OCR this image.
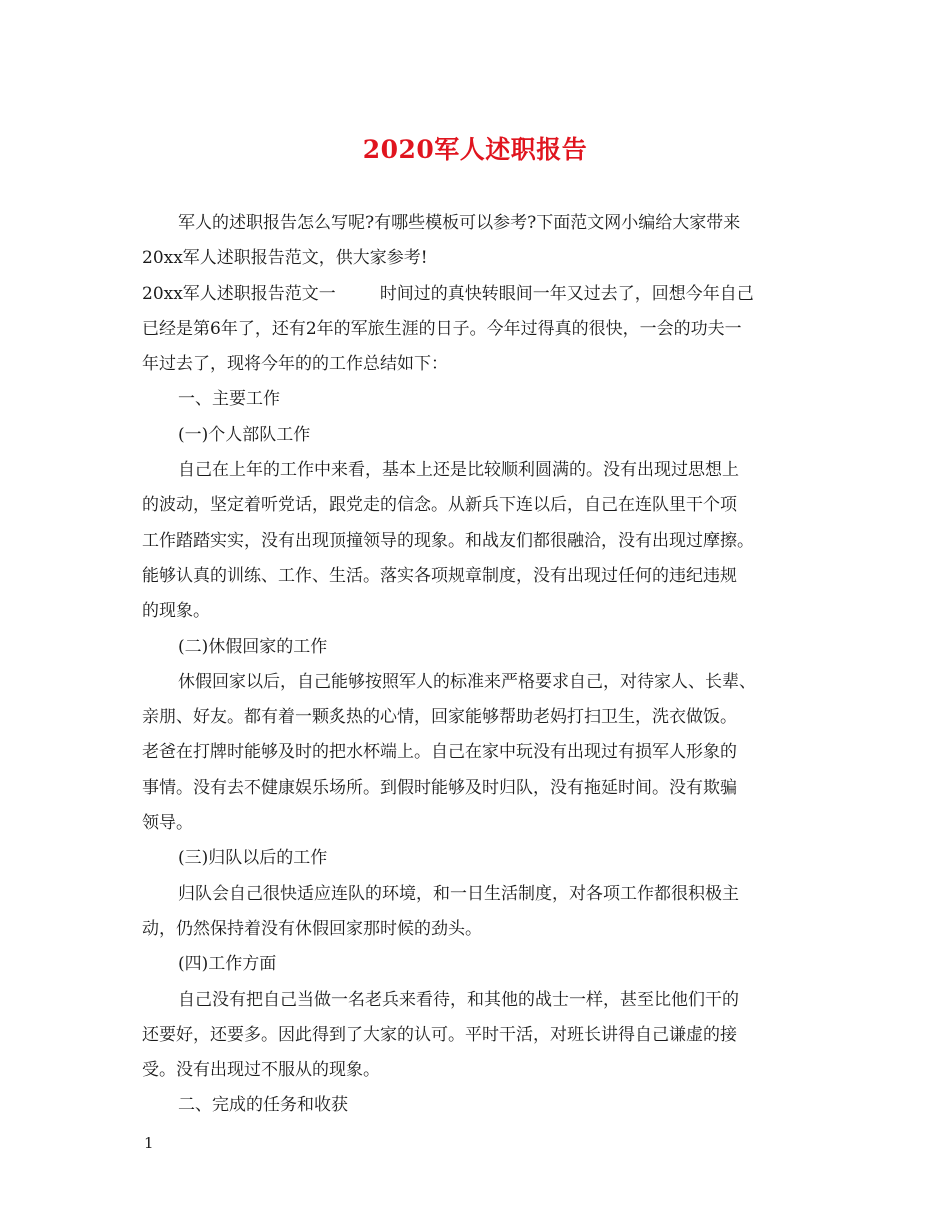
2020军人述职报告
军人的述职报告怎么写呢?有哪些模板可以参考?下面范文网小编给大家带来
20xx军人述职报告范文，供大家参考!
20xx军人述职报告范文一	时间过的真快转眼间一年又过去了，回想今年自己
已经是第6年了，还有2年的军旅生涯的日子。今年过得真的很快，一会的功夫一
年过去了，现将今年的的工作总结如下：
一、主要工作
(一)个人部队工作
自己在上年的工作中来看，基本上还是比较顺利圆满的。没有出现过思想上
的波动，坚定着听党话，跟党走的信念。从新兵下连以后，自己在连队里干个项
工作踏踏实实，没有出现顶撞领导的现象。和战友们都很融洽，没有出现过摩擦。
能够认真的训练、工作、生活。落实各项规章制度，没有出现过任何的违纪违规
的现象。
(二)休假回家的工作
休假回家以后，自己能够按照军人的标准来严格要求自己，对待家人、长辈、
亲朋、好友。都有着一颗炙热的心情，回家能够帮助老妈打扫卫生，洗衣做饭。
老爸在打牌时能够及时的把水杯端上。自己在家中玩没有出现过有损军人形象的
事情。没有去不健康娱乐场所。到假时能够及时归队，没有拖延时间。没有欺骗
领导。
(三)归队以后的工作
归队会自己很快适应连队的环境，和一日生活制度，对各项工作都很积极主
动，仍然保持着没有休假回家那时候的劲头。
(四)工作方面
自己没有把自己当做一名老兵来看待，和其他的战士一样，甚至比他们干的
还要好，还要多。因此得到了大家的认可。平时干活，对班长讲得自己谦虚的接
受。没有出现过不服从的现象。
二、完成的任务和收获
1
